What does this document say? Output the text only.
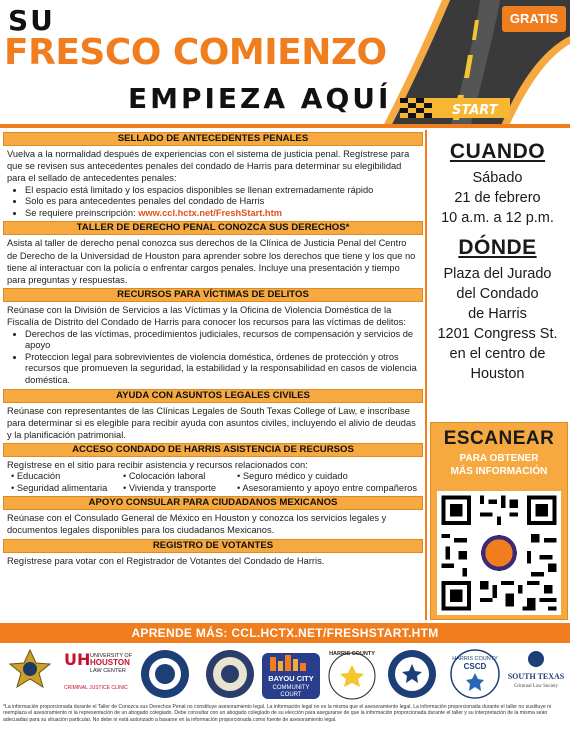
SU
FRESCO COMIENZO
EMPIEZA AQUÍ	START
GRATIS
SELLADO DE ANTECEDENTES PENALES
Vuelva a la normalidad después de experiencias con el sistema de justicia penal. Regístrese para que se revisen sus antecedentes penales del condado de Harris para determinar su elegibilidad para el sellado de antecedentes penales:
• El espacio está limitado y los espacios disponibles se llenan extremadamente rápido
• Solo es para antecedentes penales del condado de Harris
• Se requiere preinscripción: www.ccl.hctx.net/FreshStart.htm
TALLER DE DERECHO PENAL CONOZCA SUS DERECHOS*
Asista al taller de derecho penal conozca sus derechos de la Clínica de Justicia Penal del Centro de Derecho de la Universidad de Houston para aprender sobre los derechos que tiene y los que no tiene al interactuar con la policía o enfrentar cargos penales. Incluye una presentación y tiempo para preguntas y respuestas.
RECURSOS PARA VÍCTIMAS DE DELITOS
Reúnase con la División de Servicios a las Víctimas y la Oficina de Violencia Doméstica de la Fiscalía de Distrito del Condado de Harris para conocer los recursos para las víctimas de delitos:
• Derechos de las víctimas, procedimientos judiciales, recursos de compensación y servicios de apoyo
• Proteccion legal para sobrevivientes de violencia doméstica, órdenes de protección y otros recursos que promueven la seguridad, la estabilidad y la responsabilidad en casos de violencia doméstica.
AYUDA CON ASUNTOS LEGALES CIVILES
Reúnase con representantes de las Clínicas Legales de South Texas College of Law, e inscríbase para determinar si es elegible para recibir ayuda con asuntos civiles, incluyendo el alivio de deudas y la planificación patrimonial.
ACCESO CONDADO DE HARRIS ASISTENCIA DE RECURSOS
Regístrese en el sitio para recibir asistencia y recursos relacionados con:
• Educación
• Seguridad alimentaria
• Colocación laboral
• Vivienda y transporte
• Seguro médico y cuidado
• Asesoramiento y apoyo entre compañeros
APOYO CONSULAR PARA CIUDADANOS MEXICANOS
Reúnase con el Consulado General de México en Houston y conozca los servicios legales y documentos legales disponibles para los ciudadanos Mexicanos.
REGISTRO DE VOTANTES
Regístrese para votar con el Registrador de Votantes del Condado de Harris.
CUANDO
Sábado
21 de febrero
10 a.m. a 12 p.m.
DÓNDE
Plaza del Jurado
del Condado
de Harris
1201 Congress St.
en el centro de
Houston
ESCANEAR
PARA OBTENER
MÁS INFORMACIÓN
APRENDE MÁS: CCL.HCTX.NET/FRESHSTART.HTM
UH UNIVERSITY OF
HOUSTON
LAW CENTER
CRIMINAL JUSTICE CLINIC
BAYOU CITY
COMMUNITY
COURT
HARRIS COUNTY
HARRIS COUNTY
CSCD
SOUTH TEXAS
Criminal Law Society
*La información proporcionada durante el Taller de Conozca sus Derechos Penal no constituye asesoramiento legal. La información legal no es la misma que el asesoramiento legal. La información proporcionada durante el taller no sustituye ni reemplaza el asesoramiento ni la representación de un abogado colegiado. Debe consultar con un abogado colegiado de su elección para asegurarse de que la información proporcionada durante el taller y su interpretación de la misma sean adecuadas para su situación particular. No debe ni está autorizado a basarse en la información proporcionada como fuente de asesoramiento legal.
